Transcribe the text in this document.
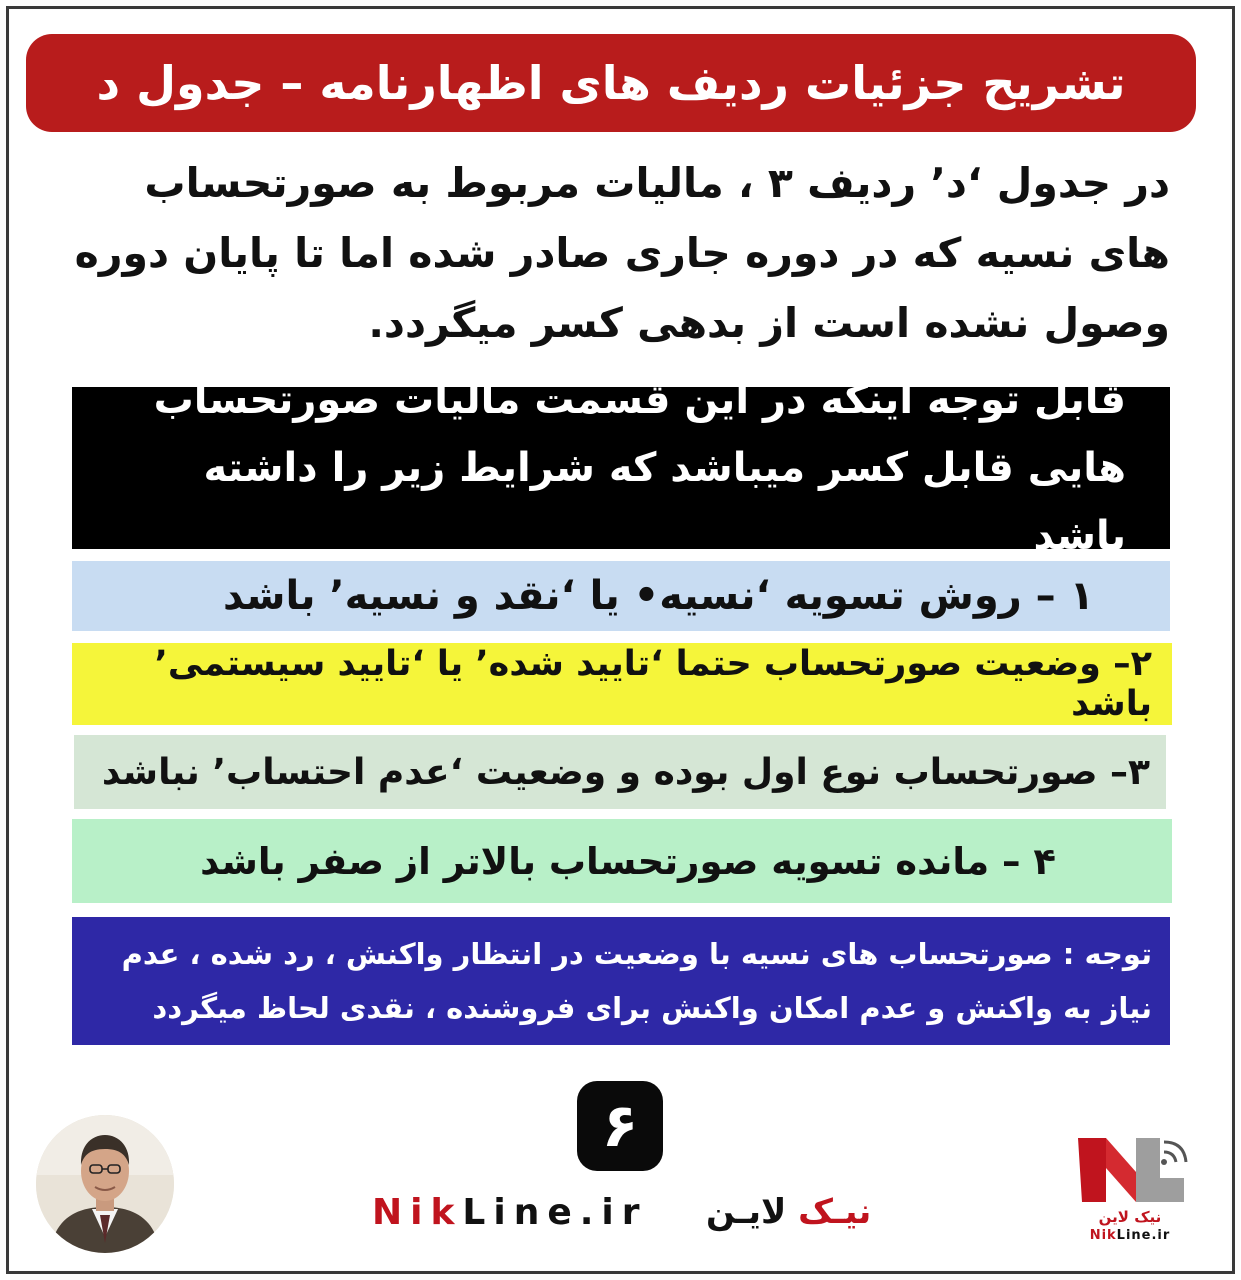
تشریح جزئیات ردیف های اظهارنامه – جدول د
در جدول ‘د’ ردیف ۳ ، مالیات مربوط به صورتحساب های نسیه که در دوره جاری صادر شده اما تا پایان دوره وصول نشده است از بدهی کسر میگردد.
قابل توجه اینکه در این قسمت مالیات صورتحساب هایی قابل کسر میباشد که شرایط زیر را داشته باشد
۱ – روش تسویه ‘نسیه• یا ‘نقد و نسیه’ باشد
۲– وضعیت صورتحساب حتما ‘تایید شده’ یا ‘تایید سیستمی’ باشد
۳– صورتحساب نوع اول بوده و وضعیت ‘عدم احتساب’ نباشد
۴ – مانده تسویه صورتحساب بالاتر از صفر باشد
توجه : صورتحساب های نسیه با وضعیت در انتظار واکنش ، رد شده ، عدم نیاز به واکنش و عدم امکان واکنش برای فروشنده ، نقدی لحاظ میگردد
۶
NikLine.ir	نیـک لایـن	نیک لاین
NikLine.ir
